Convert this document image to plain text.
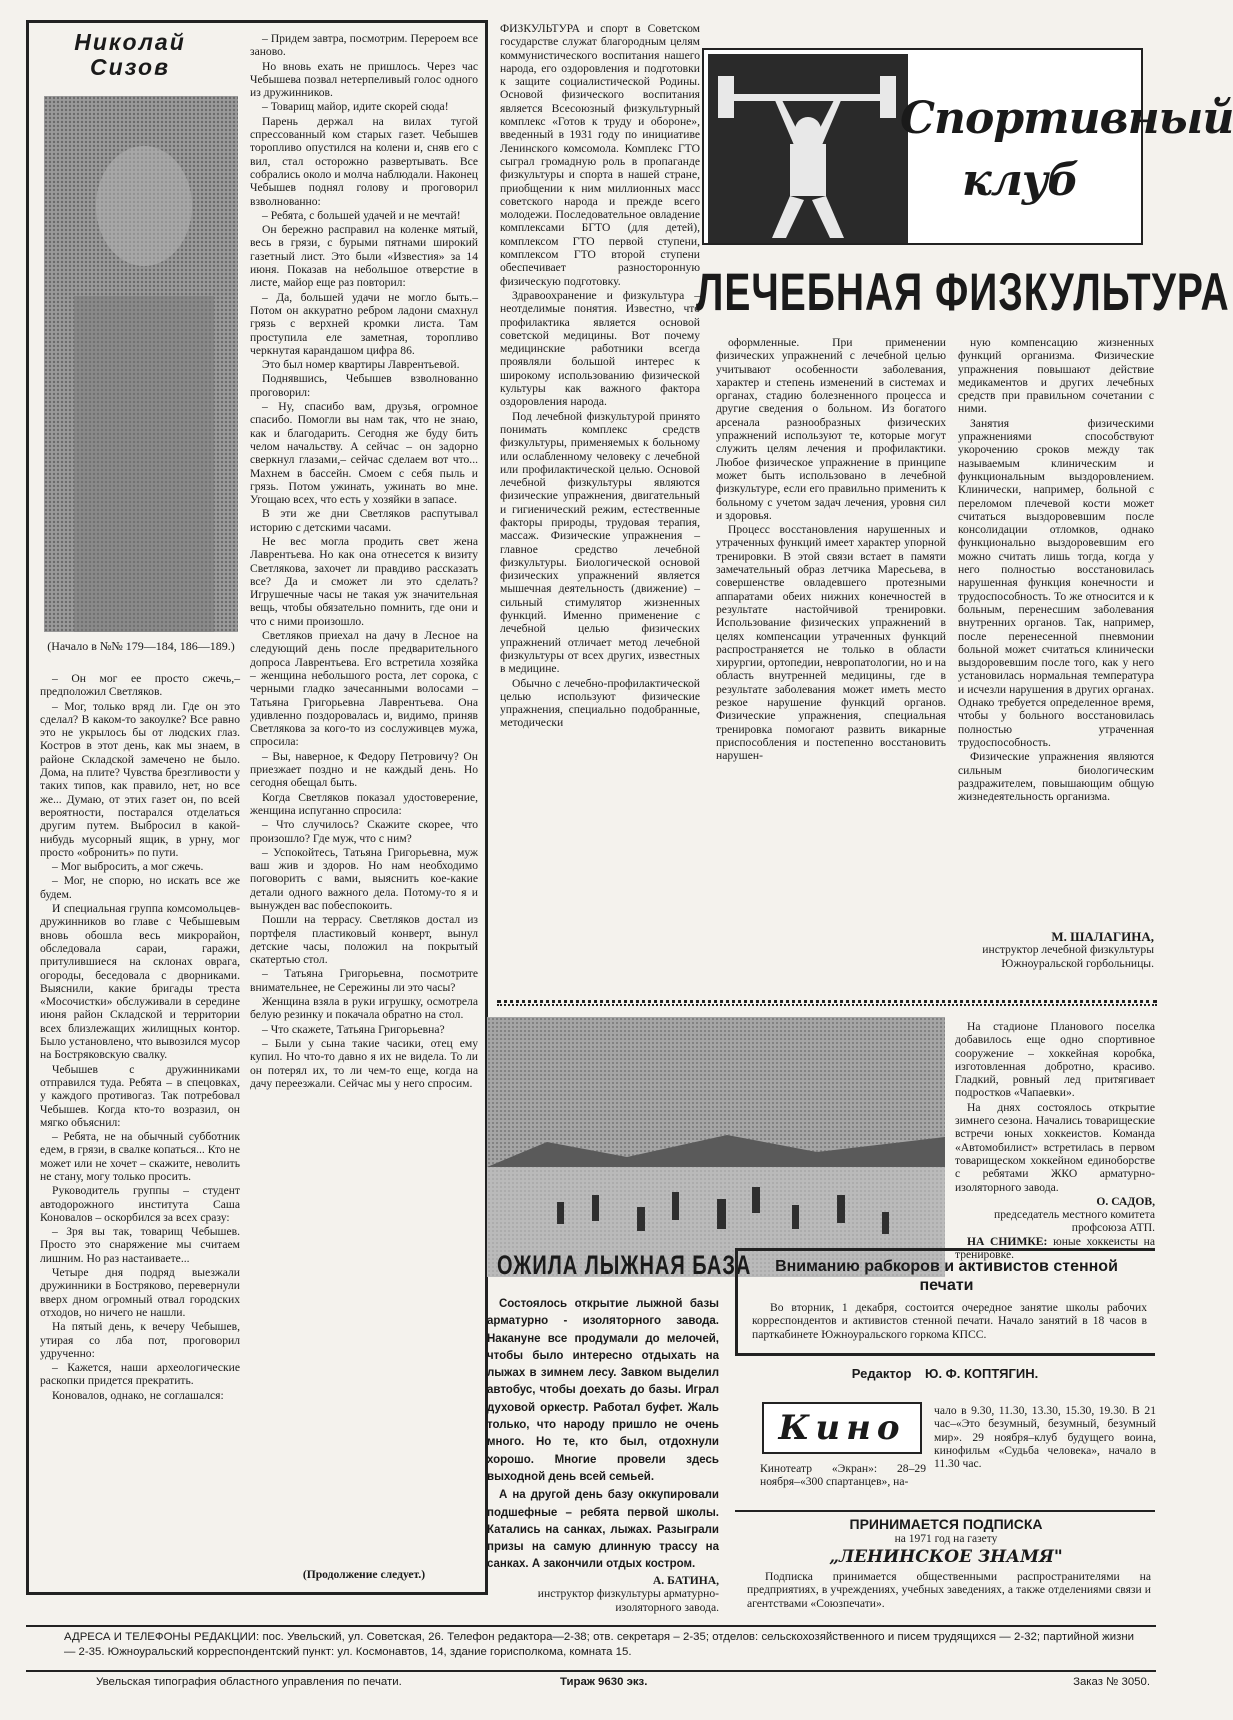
Николай Сизов
(Начало в №№ 179—184, 186—189.)

– Он мог ее просто сжечь,– предположил Светляков.

– Мог, только вряд ли. Где он это сделал? В каком-то закоулке? Все равно это не укрылось бы от людских глаз. Костров в этот день, как мы знаем, в районе Складской замечено не было. Дома, на плите? Чувства брезгливости у таких типов, как правило, нет, но все же... Думаю, от этих газет он, по всей вероятности, постарался отделаться другим путем. Выбросил в какой-нибудь мусорный ящик, в урну, мог просто «обронить» по пути.

– Мог выбросить, а мог сжечь.

– Мог, не спорю, но искать все же будем.

И специальная группа комсомольцев-дружинников во главе с Чебышевым вновь обошла весь микрорайон, обследовала сараи, гаражи, притулившиеся на склонах оврага, огороды, беседовала с дворниками. Выяснили, какие бригады треста «Мосочистки» обслуживали в середине июня район Складской и территории всех близлежащих жилищных контор. Было установлено, что вывозился мусор на Бостряковскую свалку.

Чебышев с дружинниками отправился туда. Ребята – в спецовках, у каждого противогаз. Так потребовал Чебышев. Когда кто-то возразил, он мягко объяснил:

– Ребята, не на обычный субботник едем, в грязи, в свалке копаться... Кто не может или не хочет – скажите, неволить не стану, могу только просить.

Руководитель группы – студент автодорожного института Саша Коновалов – оскорбился за всех сразу:

– Зря вы так, товарищ Чебышев. Просто это снаряжение мы считаем лишним. Но раз настаиваете...

Четыре дня подряд выезжали дружинники в Бостряково, перевернули вверх дном огромный отвал городских отходов, но ничего не нашли.

На пятый день, к вечеру Чебышев, утирая со лба пот, проговорил удрученно:

– Кажется, наши археологические раскопки придется прекратить.

Коновалов, однако, не соглашался:

– Придем завтра, посмотрим. Перероем все заново.

Но вновь ехать не пришлось. Через час Чебышева позвал нетерпеливый голос одного из дружинников.

– Товарищ майор, идите скорей сюда!

Парень держал на вилах тугой спрессованный ком старых газет. Чебышев торопливо опустился на колени и, сняв его с вил, стал осторожно развертывать. Все собрались около и молча наблюдали. Наконец Чебышев поднял голову и проговорил взволнованно:

– Ребята, с большей удачей и не мечтай!

Он бережно расправил на коленке мятый, весь в грязи, с бурыми пятнами широкий газетный лист. Это были «Известия» за 14 июня. Показав на небольшое отверстие в листе, майор еще раз повторил:

– Да, большей удачи не могло быть.– Потом он аккуратно ребром ладони смахнул грязь с верхней кромки листа. Там проступила еле заметная, торопливо черкнутая карандашом цифра 86.

Это был номер квартиры Лаврентьевой.

Поднявшись, Чебышев взволнованно проговорил:

– Ну, спасибо вам, друзья, огромное спасибо. Помогли вы нам так, что не знаю, как и благодарить. Сегодня же буду бить челом начальству. А сейчас – он задорно сверкнул глазами,– сейчас сделаем вот что... Махнем в бассейн. Смоем с себя пыль и грязь. Потом ужинать, ужинать во мне. Угощаю всех, что есть у хозяйки в запасе.

В эти же дни Светляков распутывал историю с детскими часами.

Не вес могла продить свет жена Лаврентьева. Но как она отнесется к визиту Светлякова, захочет ли правдиво рассказать все? Да и сможет ли это сделать? Игрушечные часы не такая уж значительная вещь, чтобы обязательно помнить, где они и что с ними произошло.

Светляков приехал на дачу в Лесное на следующий день после предварительного допроса Лаврентьева. Его встретила хозяйка – женщина небольшого роста, лет сорока, с черными гладко зачесанными волосами – Татьяна Григорьевна Лаврентьева. Она удивленно поздоровалась и, видимо, приняв Светлякова за кого-то из сослуживцев мужа, спросила:

– Вы, наверное, к Федору Петровичу? Он приезжает поздно и не каждый день. Но сегодня обещал быть.

Когда Светляков показал удостоверение, женщина испуганно спросила:

– Что случилось? Скажите скорее, что произошло? Где муж, что с ним?

– Успокойтесь, Татьяна Григорьевна, муж ваш жив и здоров. Но нам необходимо поговорить с вами, выяснить кое-какие детали одного важного дела. Потому-то я и вынужден вас побеспокоить.

Пошли на террасу. Светляков достал из портфеля пластиковый конверт, вынул детские часы, положил на покрытый скатертью стол.

– Татьяна Григорьевна, посмотрите внимательнее, не Сережины ли это часы?

Женщина взяла в руки игрушку, осмотрела белую резинку и покачала обратно на стол.

– Что скажете, Татьяна Григорьевна?

– Были у сына такие часики, отец ему купил. Но что-то давно я их не видела. То ли он потерял их, то ли чем-то еще, когда на дачу переезжали. Сейчас мы у него спросим.

(Продолжение следует.)

ФИЗКУЛЬТУРА и спорт в Советском государстве служат благородным целям коммунистического воспитания нашего народа, его оздоровления и подготовки к защите социалистической Родины. Основой физического воспитания является Всесоюзный физкультурный комплекс «Готов к труду и обороне», введенный в 1931 году по инициативе Ленинского комсомола. Комплекс ГТО сыграл громадную роль в пропаганде физкультуры и спорта в нашей стране, приобщении к ним миллионных масс советского народа и прежде всего молодежи. Последовательное овладение комплексами БГТО (для детей), комплексом ГТО первой ступени, комплексом ГТО второй ступени обеспечивает разносторонную физическую подготовку.

Здравоохранение и физкультура – неотделимые понятия. Известно, что профилактика является основой советской медицины. Вот почему медицинские работники всегда проявляли большой интерес к широкому использованию физической культуры как важного фактора оздоровления народа.

Под лечебной физкультурой принято понимать комплекс средств физкультуры, применяемых к больному или ослабленному человеку с лечебной или профилактической целью. Основой лечебной физкультуры являются физические упражнения, двигательный и гигиенический режим, естественные факторы природы, трудовая терапия, массаж. Физические упражнения – главное средство лечебной физкультуры. Биологической основой физических упражнений является мышечная деятельность (движение) – сильный стимулятор жизненных функций. Именно применение с лечебной целью физических упражнений отличает метод лечебной физкультуры от всех других, известных в медицине.

Обычно с лечебно-профилактической целью используют физические упражнения, специально подобранные, методически

Спортивный клуб
ЛЕЧЕБНАЯ ФИЗКУЛЬТУРА

оформленные. При применении физических упражнений с лечебной целью учитывают особенности заболевания, характер и степень изменений в системах и органах, стадию болезненного процесса и другие сведения о больном. Из богатого арсенала разнообразных физических упражнений используют те, которые могут служить целям лечения и профилактики. Любое физическое упражнение в принципе может быть использовано в лечебной физкультуре, если его правильно применить к больному с учетом задач лечения, уровня сил и здоровья.

Процесс восстановления нарушенных и утраченных функций имеет характер упорной тренировки. В этой связи встает в памяти замечательный образ летчика Маресьева, в совершенстве овладевшего протезными аппаратами обеих нижних конечностей в результате настойчивой тренировки. Использование физических упражнений в целях компенсации утраченных функций распространяется не только в области хирургии, ортопедии, невропатологии, но и на область внутренней медицины, где в результате заболевания может иметь место резкое нарушение функций органов. Физические упражнения, специальная тренировка помогают развить викарные приспособления и постепенно восстановить нарушен-

ную компенсацию жизненных функций организма. Физические упражнения повышают действие медикаментов и других лечебных средств при правильном сочетании с ними.

Занятия физическими упражнениями способствуют укорочению сроков между так называемым клиническим и функциональным выздоровлением. Клинически, например, больной с переломом плечевой кости может считаться выздоровевшим после консолидации отломков, однако функционально выздоровевшим его можно считать лишь тогда, когда у него полностью восстановилась нарушенная функция конечности и трудоспособность. То же относится и к больным, перенесшим заболевания внутренних органов. Так, например, после перенесенной пневмонии больной может считаться клинически выздоровевшим после того, как у него установилась нормальная температура и исчезли нарушения в других органах. Однако требуется определенное время, чтобы у больного восстановилась полностью утраченная трудоспособность.

Физические упражнения являются сильным биологическим раздражителем, повышающим общую жизнедеятельность организма.

М. ШАЛАГИНА,
инструктор лечебной физкультуры Южноуральской горбольницы.

На стадионе Планового поселка добавилось еще одно спортивное сооружение – хоккейная коробка, изготовленная добротно, красиво. Гладкий, ровный лед притягивает подростков «Чапаевки».

На днях состоялось открытие зимнего сезона. Начались товарищеские встречи юных хоккеистов. Команда «Автомобилист» встретилась в первом товарищеском хоккейном единоборстве с ребятами ЖКО арматурно-изоляторного завода.

О. САДОВ,
председатель местного комитета профсоюза АТП.
НА СНИМКЕ: юные хоккеисты на тренировке.
ОЖИЛА ЛЫЖНАЯ БАЗА

Состоялось открытие лыжной базы арматурно - изоляторного завода. Накануне все продумали до мелочей, чтобы было интересно отдыхать на лыжах в зимнем лесу. Завком выделил автобус, чтобы доехать до базы. Играл духовой оркестр. Работал буфет. Жаль только, что народу пришло не очень много. Но те, кто был, отдохнули хорошо. Многие провели здесь выходной день всей семьей.

А на другой день базу оккупировали подшефные – ребята первой школы. Катались на санках, лыжах. Разыграли призы на самую длинную трассу на санках. А закончили отдых костром.

А. БАТИНА,
инструктор физкультуры арматурно-изоляторного завода.
Вниманию рабкоров и активистов стенной печати
Во вторник, 1 декабря, состоится очередное занятие школы рабочих корреспондентов и активистов стенной печати. Начало занятий в 18 часов в парткабинете Южноуральского горкома КПСС.
Редактор Ю. Ф. КОПТЯГИН.
Кино
Кинотеатр «Экран»: 28–29 ноября–«300 спартанцев», на-
чало в 9.30, 11.30, 13.30, 15.30, 19.30. В 21 час–«Это безумный, безумный, безумный мир». 29 ноября–клуб будущего воина, кинофильм «Судьба человека», начало в 11.30 час.
ПРИНИМАЕТСЯ ПОДПИСКА
на 1971 год на газету
„ЛЕНИНСКОЕ ЗНАМЯ"
Подписка принимается общественными распространителями на предприятиях, в учреждениях, учебных заведениях, а также отделениями связи и агентствами «Союзпечати».
АДРЕСА И ТЕЛЕФОНЫ РЕДАКЦИИ: пос. Увельский, ул. Советская, 26. Телефон редактора—2-38; отв. секретаря – 2-35; отделов: сельскохозяйственного и писем трудящихся — 2-32; партийной жизни — 2-35. Южноуральский корреспондентский пункт: ул. Космонавтов, 14, здание горисполкома, комната 15.
Увельская типография областного управления по печати.	Тираж 9630 экз.	Заказ № 3050.
